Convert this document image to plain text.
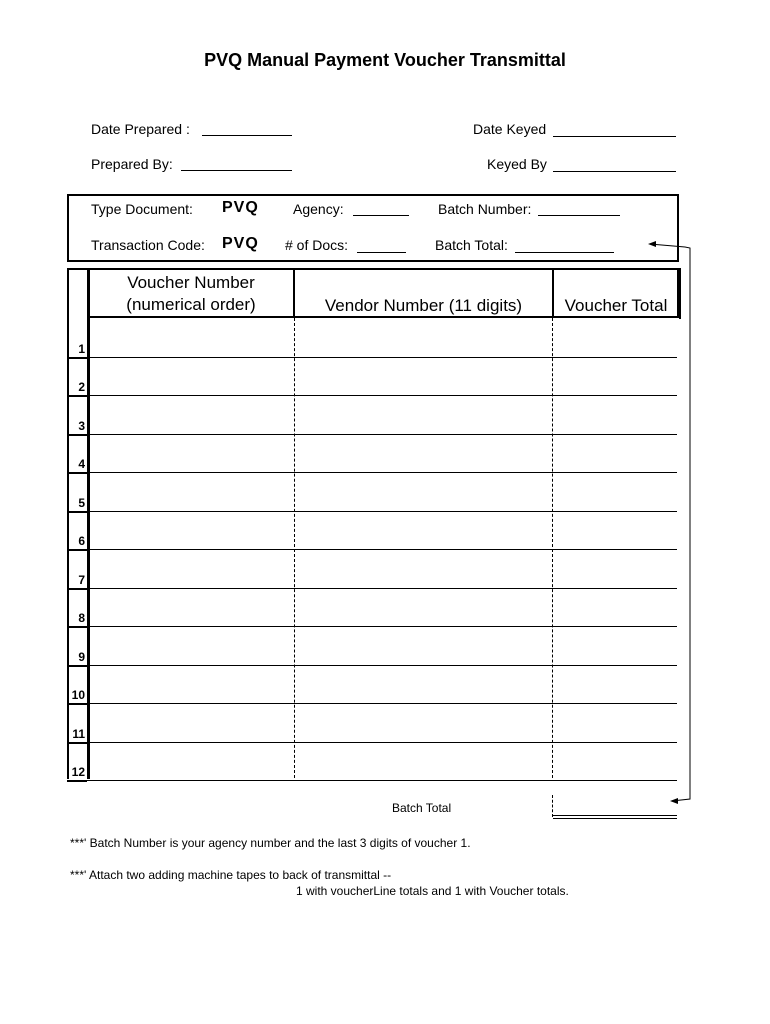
PVQ Manual Payment Voucher Transmittal
Date Prepared :	Date Keyed
Prepared By:	Keyed By
Type Document: PVQ Agency:	Batch Number:
Transaction Code: PVQ # of Docs:	Batch Total:
Voucher Number
(numerical order)	Vendor Number (11 digits)	Voucher Total
1
2
3
4
5
6
7
8
9
10
11
12
Batch Total
***' Batch Number is your agency number and the last 3 digits of voucher 1.
***' Attach two adding machine tapes to back of transmittal --
1 with voucherLine totals and 1 with Voucher totals.
